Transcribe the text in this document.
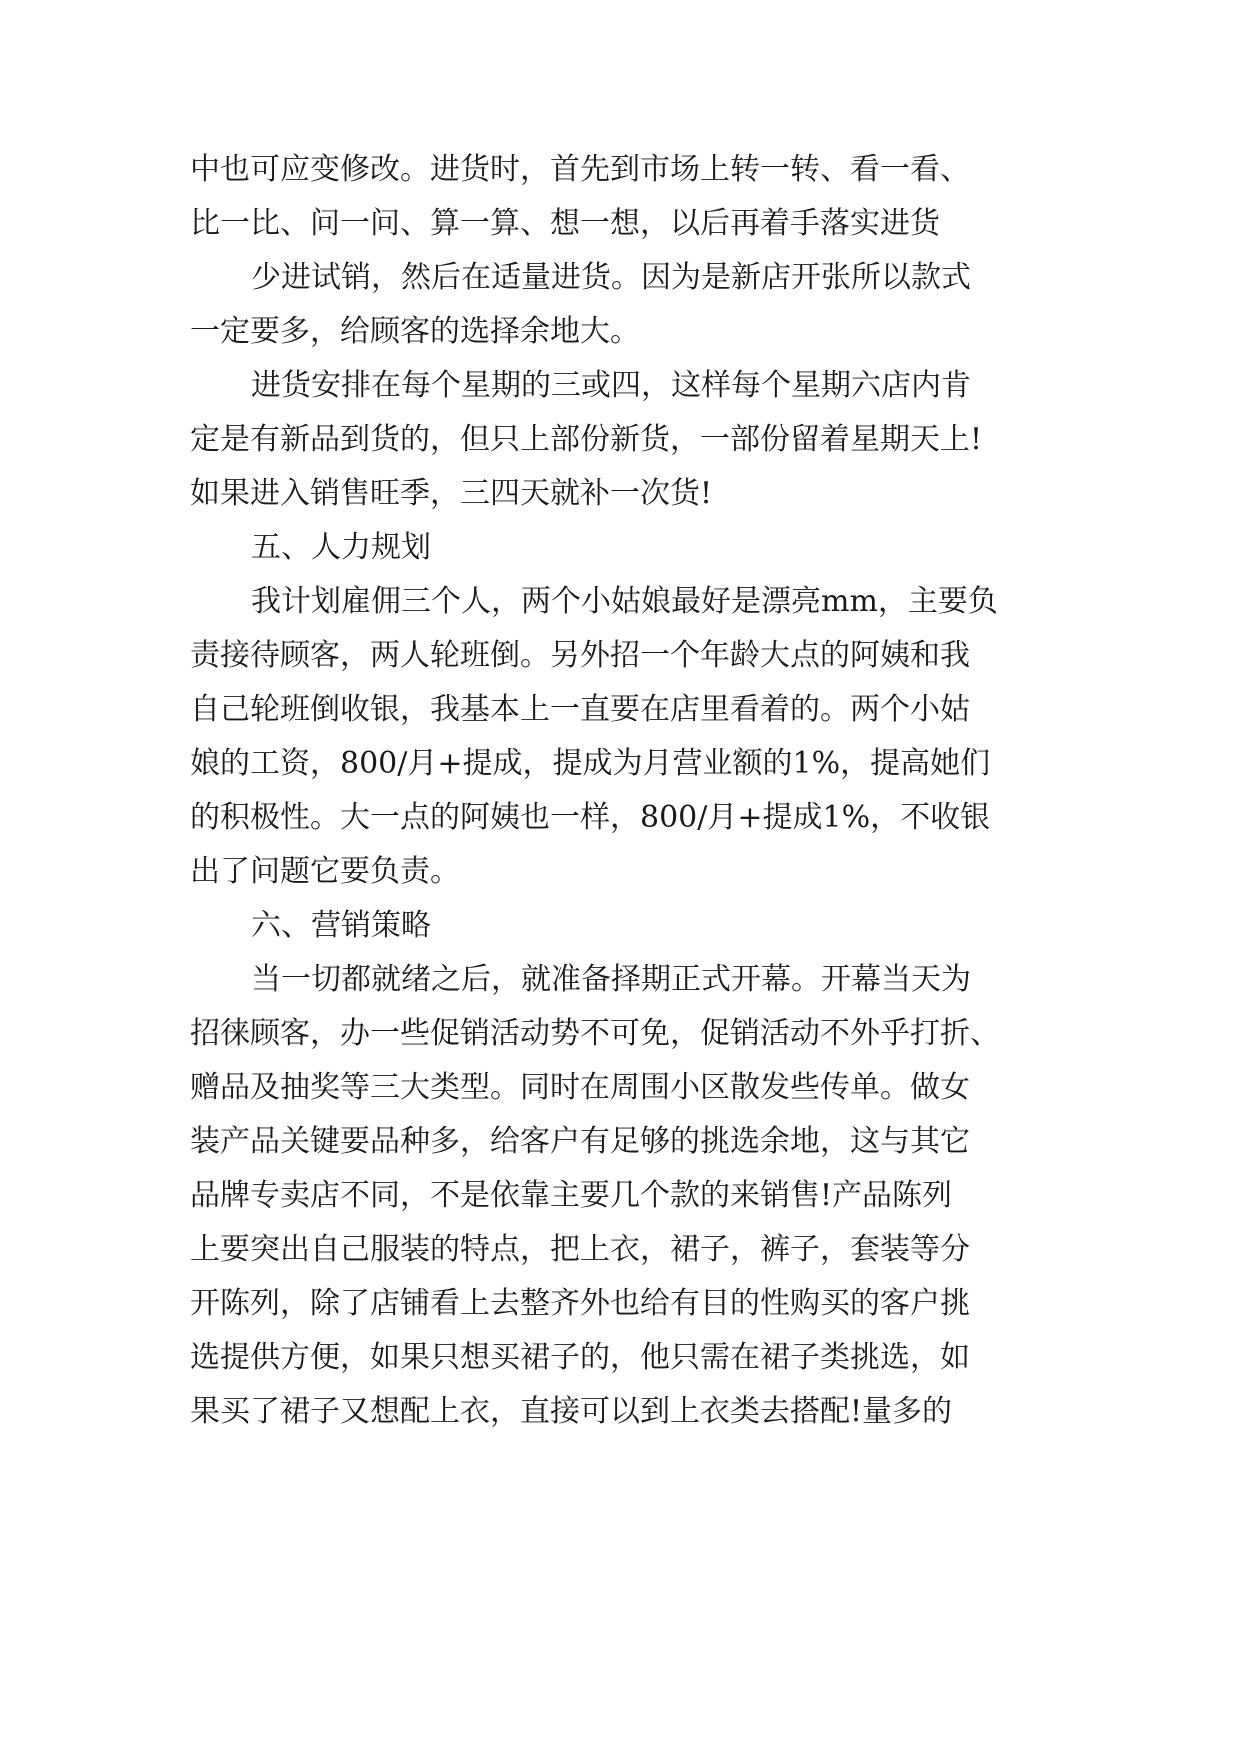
中也可应变修改。进货时，首先到市场上转一转、看一看、
比一比、问一问、算一算、想一想，以后再着手落实进货
少进试销，然后在适量进货。因为是新店开张所以款式
一定要多，给顾客的选择余地大。
进货安排在每个星期的三或四，这样每个星期六店内肯
定是有新品到货的，但只上部份新货，一部份留着星期天上!
如果进入销售旺季，三四天就补一次货!
五、人力规划
我计划雇佣三个人，两个小姑娘最好是漂亮mm，主要负
责接待顾客，两人轮班倒。另外招一个年龄大点的阿姨和我
自己轮班倒收银，我基本上一直要在店里看着的。两个小姑
娘的工资，800/月+提成，提成为月营业额的1%，提高她们
的积极性。大一点的阿姨也一样，800/月+提成1%，不收银
出了问题它要负责。
六、营销策略
当一切都就绪之后，就准备择期正式开幕。开幕当天为
招徕顾客，办一些促销活动势不可免，促销活动不外乎打折、
赠品及抽奖等三大类型。同时在周围小区散发些传单。做女
装产品关键要品种多，给客户有足够的挑选余地，这与其它
品牌专卖店不同，不是依靠主要几个款的来销售!产品陈列
上要突出自己服装的特点，把上衣，裙子，裤子，套装等分
开陈列，除了店铺看上去整齐外也给有目的性购买的客户挑
选提供方便，如果只想买裙子的，他只需在裙子类挑选，如
果买了裙子又想配上衣，直接可以到上衣类去搭配!量多的
